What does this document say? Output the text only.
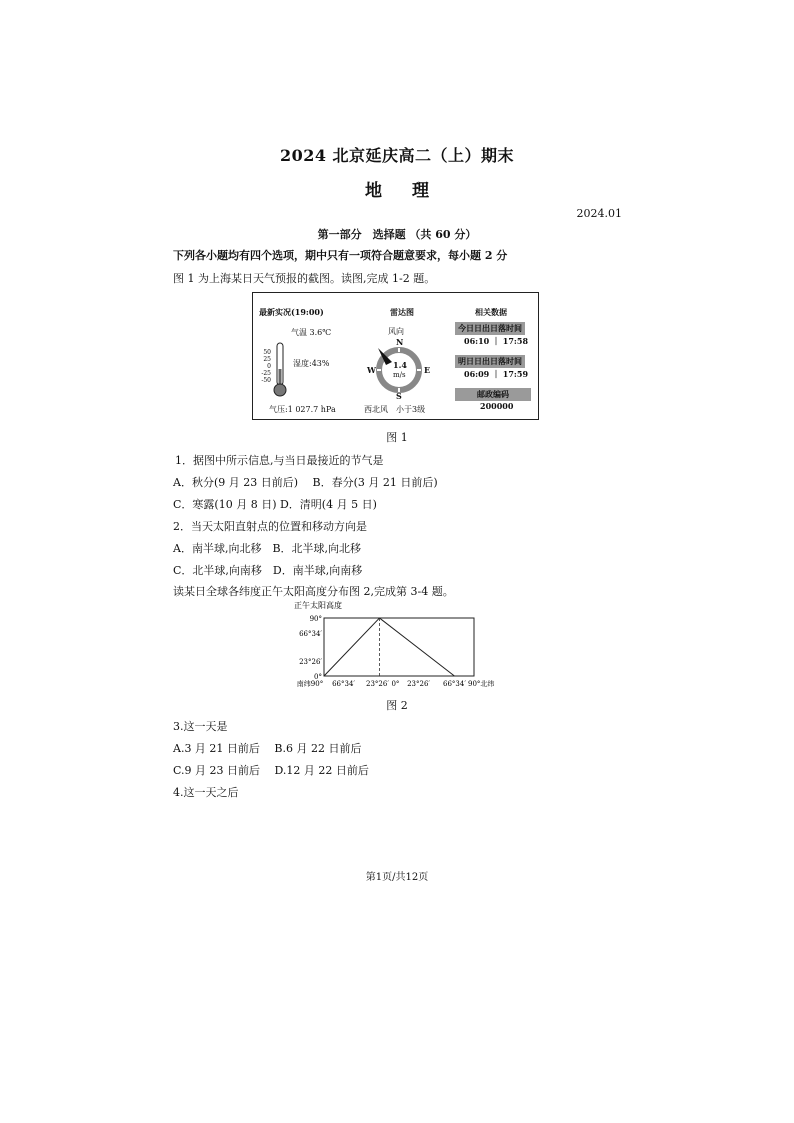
2024 北京延庆高二（上）期末
地理
2024.01
第一部分　选择题 （共 60 分）
下列各小题均有四个选项，期中只有一项符合题意要求，每小题 2 分
图 1 为上海某日天气预报的截图。读图,完成 1-2 题。
最新实况(19:00)
气温 3.6℃
湿度:43%
50
25
0
-25
-50
气压:1 027.7 hPa
雷达图
风向
N
S
W	E
1.4
m/s
西北风　小于3级
相关数据
今日日出日落时间
06:10 ｜ 17:58
明日日出日落时间
06:09 ｜ 17:59
邮政编码
200000
图 1
1．据图中所示信息,与当日最接近的节气是
A．秋分(9 月 23 日前后)　 B．春分(3 月 21 日前后)
C．寒露(10 月 8 日) D．清明(4 月 5 日)
2．当天太阳直射点的位置和移动方向是
A．南半球,向北移　B．北半球,向北移
C．北半球,向南移　D．南半球,向南移
读某日全球各纬度正午太阳高度分布图 2,完成第 3-4 题。
正午太阳高度
90°
66°34′
23°26′
0°
南纬90° 66°34′ 23°26′ 0° 23°26′ 66°34′ 90°北纬
图 2
3.这一天是
A.3 月 21 日前后　 B.6 月 22 日前后
C.9 月 23 日前后　 D.12 月 22 日前后
4.这一天之后
第1页/共12页
